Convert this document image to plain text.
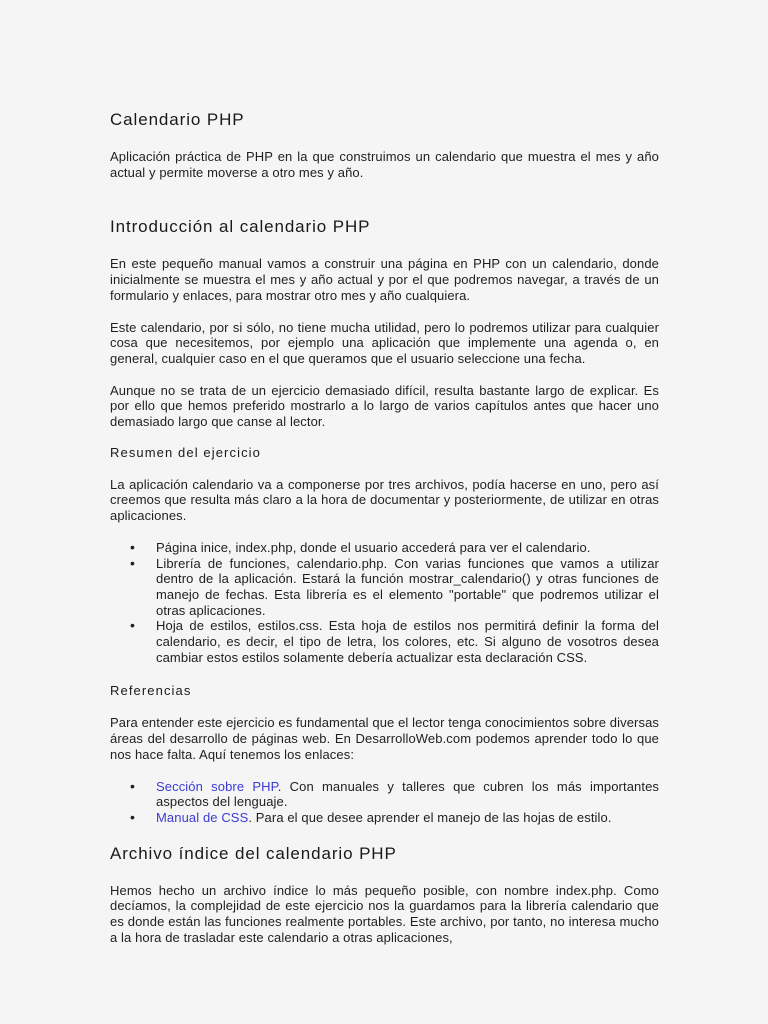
Calendario PHP

Aplicación práctica de PHP en la que construimos un calendario que muestra el mes y año actual y permite moverse a otro mes y año.

Introducción al calendario PHP

En este pequeño manual vamos a construir una página en PHP con un calendario, donde inicialmente se muestra el mes y año actual y por el que podremos navegar, a través de un formulario y enlaces, para mostrar otro mes y año cualquiera.

Este calendario, por si sólo, no tiene mucha utilidad, pero lo podremos utilizar para cualquier cosa que necesitemos, por ejemplo una aplicación que implemente una agenda o, en general, cualquier caso en el que queramos que el usuario seleccione una fecha.

Aunque no se trata de un ejercicio demasiado difícil, resulta bastante largo de explicar. Es por ello que hemos preferido mostrarlo a lo largo de varios capítulos antes que hacer uno demasiado largo que canse al lector.

Resumen del ejercicio

La aplicación calendario va a componerse por tres archivos, podía hacerse en uno, pero así creemos que resulta más claro a la hora de documentar y posteriormente, de utilizar en otras aplicaciones.

• Página inice, index.php, donde el usuario accederá para ver el calendario.
• Librería de funciones, calendario.php. Con varias funciones que vamos a utilizar dentro de la aplicación. Estará la función mostrar_calendario() y otras funciones de manejo de fechas. Esta librería es el elemento "portable" que podremos utilizar el otras aplicaciones.
• Hoja de estilos, estilos.css. Esta hoja de estilos nos permitirá definir la forma del calendario, es decir, el tipo de letra, los colores, etc. Si alguno de vosotros desea cambiar estos estilos solamente debería actualizar esta declaración CSS.
Referencias

Para entender este ejercicio es fundamental que el lector tenga conocimientos sobre diversas áreas del desarrollo de páginas web. En DesarrolloWeb.com podemos aprender todo lo que nos hace falta. Aquí tenemos los enlaces:

• Sección sobre PHP. Con manuales y talleres que cubren los más importantes aspectos del lenguaje.
• Manual de CSS. Para el que desee aprender el manejo de las hojas de estilo.
Archivo índice del calendario PHP

Hemos hecho un archivo índice lo más pequeño posible, con nombre index.php. Como decíamos, la complejidad de este ejercicio nos la guardamos para la librería calendario que es donde están las funciones realmente portables. Este archivo, por tanto, no interesa mucho a la hora de trasladar este calendario a otras aplicaciones,
